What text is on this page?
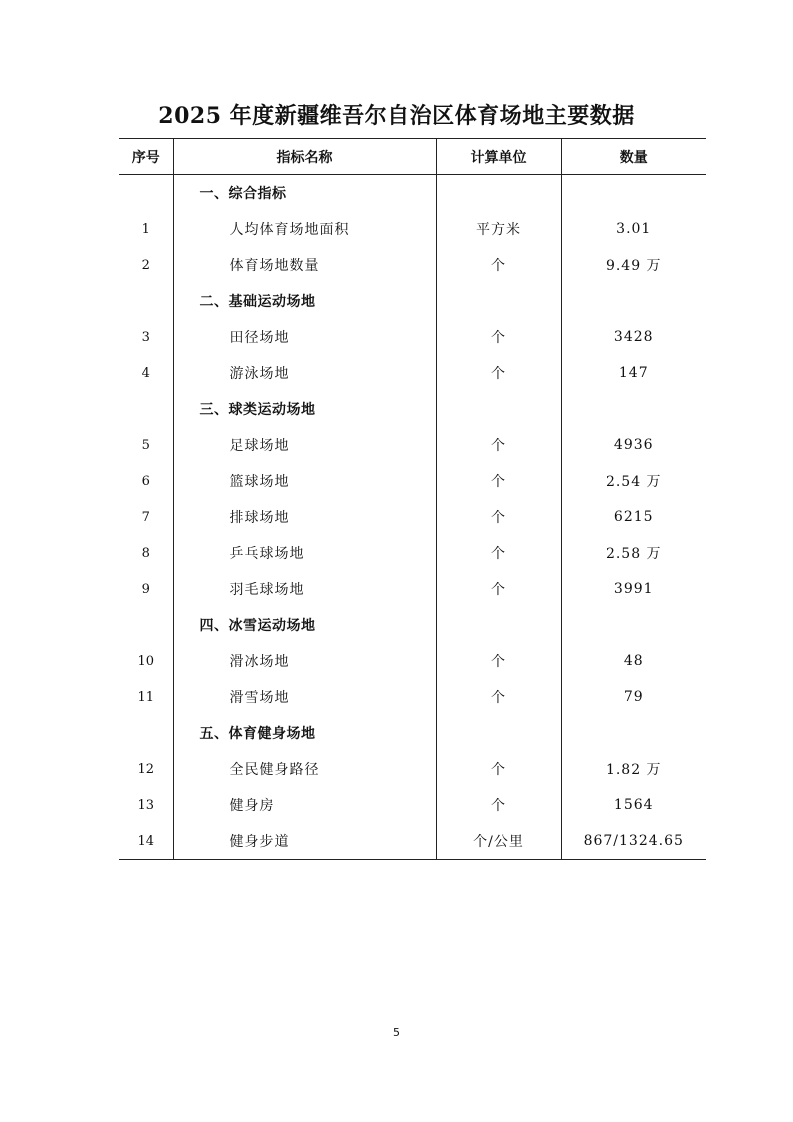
2025 年度新疆维吾尔自治区体育场地主要数据
序号	指标名称	计算单位	数量
	一、综合指标		
1	人均体育场地面积	平方米	3.01
2	体育场地数量	个	9.49 万
	二、基础运动场地		
3	田径场地	个	3428
4	游泳场地	个	147
	三、球类运动场地		
5	足球场地	个	4936
6	篮球场地	个	2.54 万
7	排球场地	个	6215
8	乒乓球场地	个	2.58 万
9	羽毛球场地	个	3991
	四、冰雪运动场地		
10	滑冰场地	个	48
11	滑雪场地	个	79
	五、体育健身场地		
12	全民健身路径	个	1.82 万
13	健身房	个	1564
14	健身步道	个/公里	867/1324.65
5
